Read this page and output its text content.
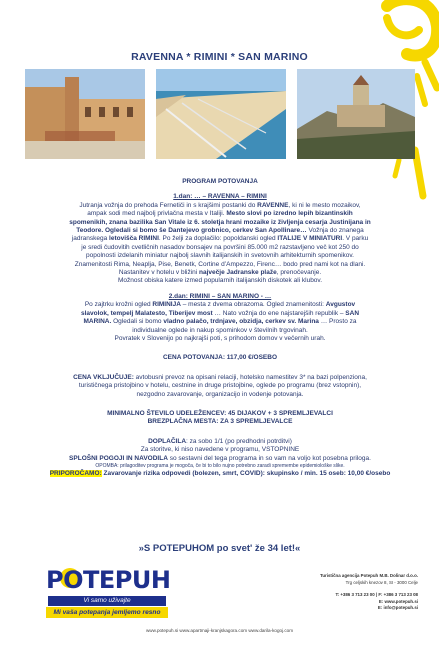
RAVENNA * RIMINI * SAN MARINO

PROGRAM POTOVANJA

1.dan: … – RAVENNA – RIMINI

Jutranja vožnja do prehoda Fernetiči in s krajšimi postanki do RAVENNE, ki ni le mesto mozaikov,

ampak sodi med najbolj privlačna mesta v Italiji. Mesto slovi po izredno lepih bizantinskih

spomenikih, znana bazilika San Vitale iz 6. stoletja hrani mozaike iz življenja cesarja Justinijana in

Teodore. Ogledali si bomo še Dantejevo grobnico, cerkev San Apollinare… Vožnja do znanega

jadranskega letovišča RIMINI. Po želji za doplačilo: popoldanski ogled ITALIJE V MINIATURI. V parku

je sredi čudovitih cvetličnih nasadov bonsajev na površini 85.000 m2 razstavljeno več kot 250 do

popolnosti izdelanih miniatur najbolj slavnih italijanskih in svetovnih arhitekturnih spomenikov.

Znamenitosti Rima, Neaplja, Pise, Benetk, Cortine d’Ampezzo, Firenc… bodo pred nami kot na dlani.

Nastanitev v hotelu v bližini največje Jadranske plaže, prenočevanje.

Možnost obiska katere izmed popularnih italijanskih diskotek ali klubov.

2.dan: RIMINI – SAN MARINO - …

Po zajtrku krožni ogled RIMINIJA – mesta z dvema obrazoma. Ogled znamenitosti: Avgustov

slavolok, tempelj Malatesto, Tiberijev most … Nato vožnja do ene najstarejših republik – SAN

MARINA. Ogledali si bomo vladno palačo, trdnjave, obzidja, cerkev sv. Marina … Prosto za

individualne oglede in nakup spominkov v številnih trgovinah.

Povratek v Slovenijo po najkrajši poti, s prihodom domov v večernih urah.

CENA POTOVANJA: 117,00 €/OSEBO

CENA VKLJUČUJE: avtobusni prevoz na opisani relaciji, hotelsko namestitev 3* na bazi polpenziona,

turističnega pristojbino v hotelu, cestnine in druge pristojbine, oglede po programu (brez vstopnin),

nezgodno zavarovanje, organizacijo in vodenje potovanja.

MINIMALNO ŠTEVILO UDELEŽENCEV: 45 DIJAKOV + 3 SPREMLJEVALCI

BREZPLAČNA MESTA: ZA 3 SPREMLJEVALCE

DOPLAČILA: za sobo 1/1 (po predhodni potrditvi)

Za storitve, ki niso navedene v programu, VSTOPNINE

SPLOŠNI POGOJI IN NAVODILA so sestavni del tega programa in so vam na voljo kot posebna priloga.

OPOMBA: prilagoditev programa je mogoča, če bi to bilo nujno potrebno zaradi spremembe epidemiološke slike.

PRIPOROČAMO: Zavarovanje rizika odpovedi (bolezen, smrt, COVID): skupinsko / min. 15 oseb: 10,00 €/osebo

»S POTEPUHOM po svet' že 34 let!«
POTEPUH
Vi samo uživajte
Mi vaša potepanja jemljemo resno
Turistična agencija Potepuh M.B. Dolinar d.o.o.
Trg celjskih knezov 8, SI - 3000 Celje
T: +386 3 713 23 00 | F: +386 3 713 23 08
E: www.potepuh.si
E: info@potepuh.si
www.potepuh.si www.apartmaji-kranjskagora.com www.darila-kogoj.com
